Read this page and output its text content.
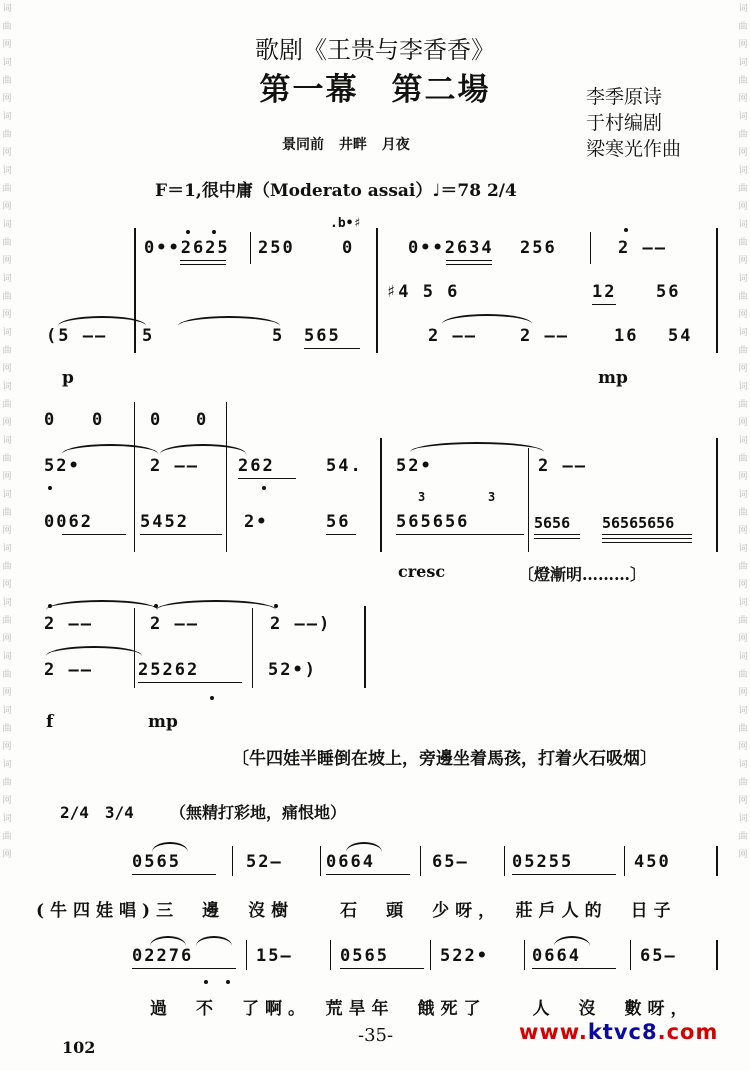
词
曲
网
词
曲
网
词
曲
网
词
曲
网
词
曲
网
词
曲
网
词
曲
网
词
曲
网
词
曲
网
词
曲
网
词
曲
网
词
曲
网
词
曲
网
词
曲
网
词
曲
网
词
曲
网
词
曲
网
词
曲
网
词
曲
网
词
曲
网
词
曲
网
词
曲
网
词
曲
网
词
曲
网
词
曲
网
词
曲
网
词
曲
网
词
曲
网
词
曲
网
词
曲
网
词
曲
网
词
曲
网
歌剧《王贵与李香香》
第一幕　第二場	李季原诗
于村编剧
梁寒光作曲
景同前 井畔 月夜
F＝1,很中庸（Moderato assai）♩＝78 2/4
.b•♯
0••2625 250	0	0••2634 256	2 ——
♯4 5 6	12 56
(5 —— 5	5 565	2 ——	2 ——	16 54
p	mp
0 0	0 0
52•	2 —— 262	54. 52•	2 ——
3	3
0062	5452	2•	56	565656	5656 56565656
cresc	〔燈漸明………〕
2 ——	2 ——	2 ——)
2 ——	25262	52•)
f	mp
〔牛四娃半睡倒在坡上，旁邊坐着馬孩，打着火石吸烟〕
2/4　3/4 （無精打彩地，痛恨地）
0565	52—	0664	65—	05255	450
(牛四娃唱)三　邊　沒樹　　石　頭　少呀，　莊戶人的　日子
02276	15—	0565	522•	0664	65—
過　不　了啊。　荒旱年　餓死了　　人　沒　數呀，
-35-
102
www.ktvc8.com
